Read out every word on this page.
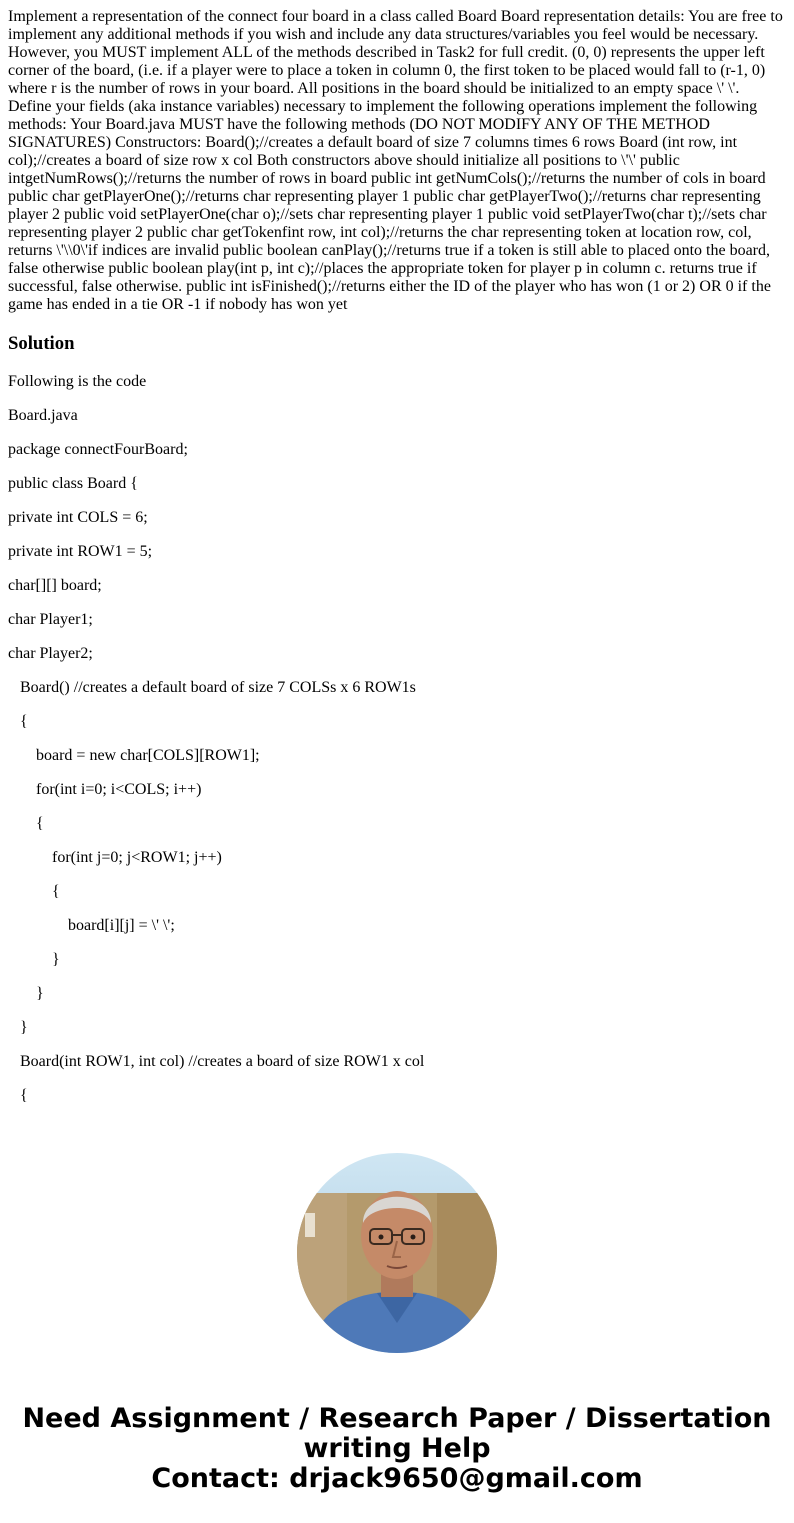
Implement a representation of the connect four board in a class called Board Board representation details: You are free to implement any additional methods if you wish and include any data structures/variables you feel would be necessary. However, you MUST implement ALL of the methods described in Task2 for full credit. (0, 0) represents the upper left corner of the board, (i.e. if a player were to place a token in column 0, the first token to be placed would fall to (r-1, 0) where r is the number of rows in your board. All positions in the board should be initialized to an empty space \' \'. Define your fields (aka instance variables) necessary to implement the following operations implement the following methods: Your Board.java MUST have the following methods (DO NOT MODIFY ANY OF THE METHOD SIGNATURES) Constructors: Board();//creates a default board of size 7 columns times 6 rows Board (int row, int col);//creates a board of size row x col Both constructors above should initialize all positions to \'\' public intgetNumRows();//returns the number of rows in board public int getNumCols();//returns the number of cols in board public char getPlayerOne();//returns char representing player 1 public char getPlayerTwo();//returns char representing player 2 public void setPlayerOne(char o);//sets char representing player 1 public void setPlayerTwo(char t);//sets char representing player 2 public char getTokenfint row, int col);//returns the char representing token at location row, col, returns \'\\0\'if indices are invalid public boolean canPlay();//returns true if a token is still able to placed onto the board, false otherwise public boolean play(int p, int c);//places the appropriate token for player p in column c. returns true if successful, false otherwise. public int isFinished();//returns either the ID of the player who has won (1 or 2) OR 0 if the game has ended in a tie OR -1 if nobody has won yet

Solution

Following is the code

Board.java

package connectFourBoard;

public class Board {

private int COLS = 6;

private int ROW1 = 5;

char[][] board;

char Player1;

char Player2;

Board() //creates a default board of size 7 COLSs x 6 ROW1s

{

board = new char[COLS][ROW1];

for(int i=0; i<COLS; i++)

{

for(int j=0; j<ROW1; j++)

{

board[i][j] = \' \';

}

}

}

Board(int ROW1, int col) //creates a board of size ROW1 x col

{

Need Assignment / Research Paper / Dissertation writing Help
Contact: drjack9650@gmail.com
